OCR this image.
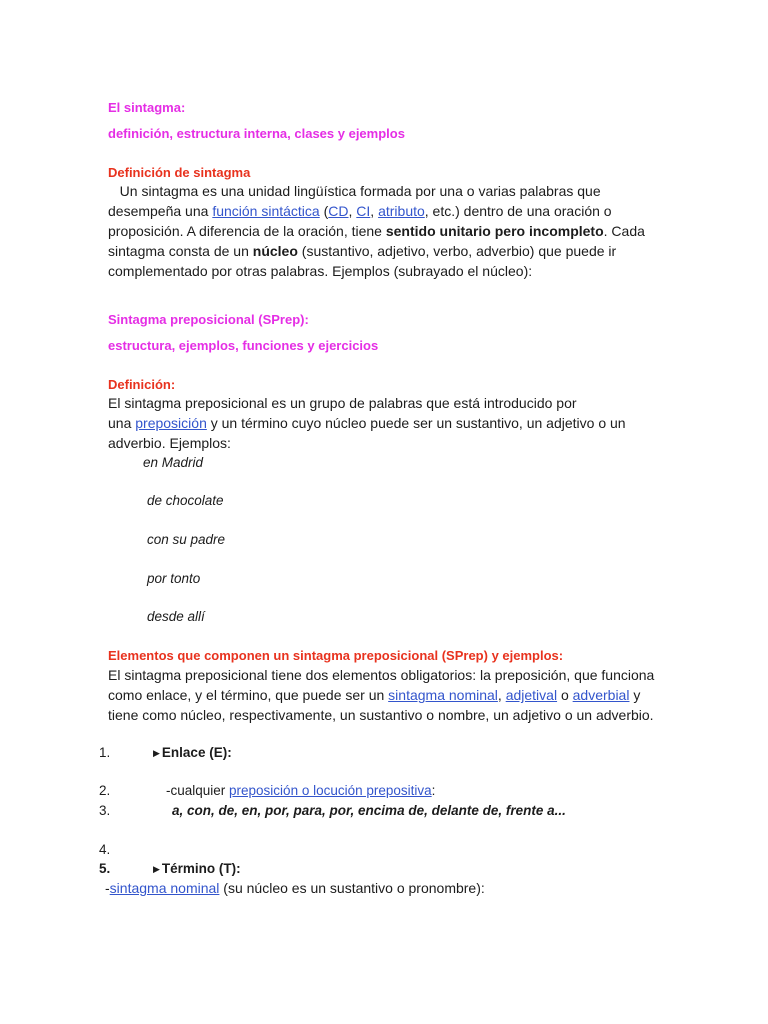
El sintagma:
definición, estructura interna, clases y ejemplos
Definición de sintagma
Un sintagma es una unidad lingüística formada por una o varias palabras que
desempeña una función sintáctica (CD, CI, atributo, etc.) dentro de una oración o
proposición. A diferencia de la oración, tiene sentido unitario pero incompleto. Cada
sintagma consta de un núcleo (sustantivo, adjetivo, verbo, adverbio) que puede ir
complementado por otras palabras. Ejemplos (subrayado el núcleo):
Sintagma preposicional (SPrep):
estructura, ejemplos, funciones y ejercicios
Definición:
El sintagma preposicional es un grupo de palabras que está introducido por
una preposición y un término cuyo núcleo puede ser un sustantivo, un adjetivo o un
adverbio. Ejemplos:
en Madrid
de chocolate
con su padre
por tonto
desde allí
Elementos que componen un sintagma preposicional (SPrep) y ejemplos:
El sintagma preposicional tiene dos elementos obligatorios: la preposición, que funciona
como enlace, y el término, que puede ser un sintagma nominal, adjetival o adverbial y
tiene como núcleo, respectivamente, un sustantivo o nombre, un adjetivo o un adverbio.
1.	▶ Enlace (E):
2.	-cualquier preposición o locución prepositiva:
3.	a, con, de, en, por, para, por, encima de, delante de, frente a...
4.
5.	▶ Término (T):
-sintagma nominal (su núcleo es un sustantivo o pronombre):
